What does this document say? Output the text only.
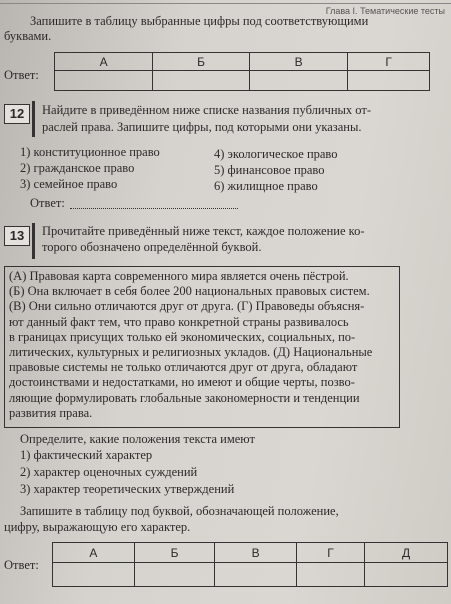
Глава I. Тематические тесты
Запишите в таблицу выбранные цифры под соответствующими
буквами.
Ответ:
А	Б	В	Г

12	Найдите в приведённом ниже списке названия публичных от-
раслей права. Запишите цифры, под которыми они указаны.
1) конституционное право
2) гражданское право
3) семейное право
4) экологическое право
5) финансовое право
6) жилищное право
Ответ:
13	Прочитайте приведённый ниже текст, каждое положение ко-
торого обозначено определённой буквой.

(А) Правовая карта современного мира является очень пёстрой.
(Б) Она включает в себя более 200 национальных правовых систем.
(В) Они сильно отличаются друг от друга. (Г) Правоведы объясня-
ют данный факт тем, что право конкретной страны развивалось
в границах присущих только ей экономических, социальных, по-
литических, культурных и религиозных укладов. (Д) Национальные
правовые системы не только отличаются друг от друга, обладают
достоинствами и недостатками, но имеют и общие черты, позво-
ляющие формулировать глобальные закономерности и тенденции
развития права.

Определите, какие положения текста имеют
1) фактический характер
2) характер оценочных суждений
3) характер теоретических утверждений
Запишите в таблицу под буквой, обозначающей положение,
цифру, выражающую его характер.
Ответ:
А	Б	В	Г	Д
